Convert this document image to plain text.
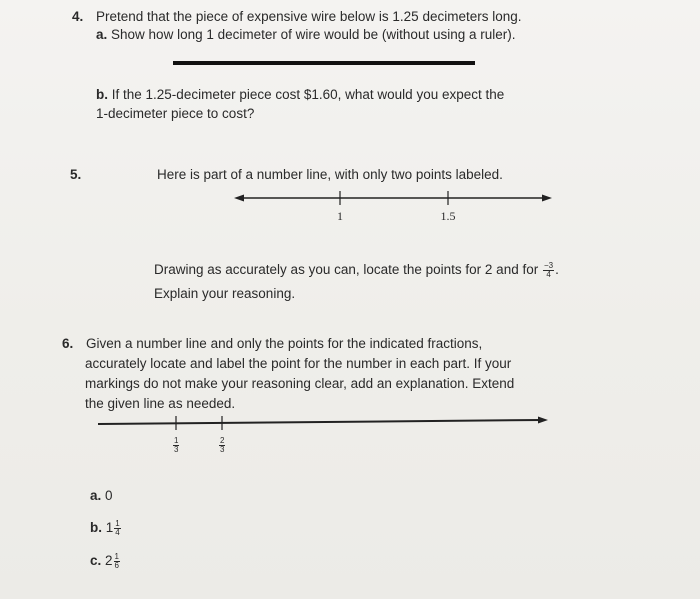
4. Pretend that the piece of expensive wire below is 1.25 decimeters long.
a. Show how long 1 decimeter of wire would be (without using a ruler).
b. If the 1.25-decimeter piece cost $1.60, what would you expect the
1-decimeter piece to cost?
5.	Here is part of a number line, with only two points labeled.
1	1.5
Drawing as accurately as you can, locate the points for 2 and for $\frac{-3}{4}$ .
Explain your reasoning.
6. Given a number line and only the points for the indicated fractions,
accurately locate and label the point for the number in each part. If your
markings do not make your reasoning clear, add an explanation. Extend
the given line as needed.
$\frac{1}{3}$	$\frac{2}{3}$
a. 0
b. $1 \frac{1}{4}$
c. $2 \frac{1}{6}$
